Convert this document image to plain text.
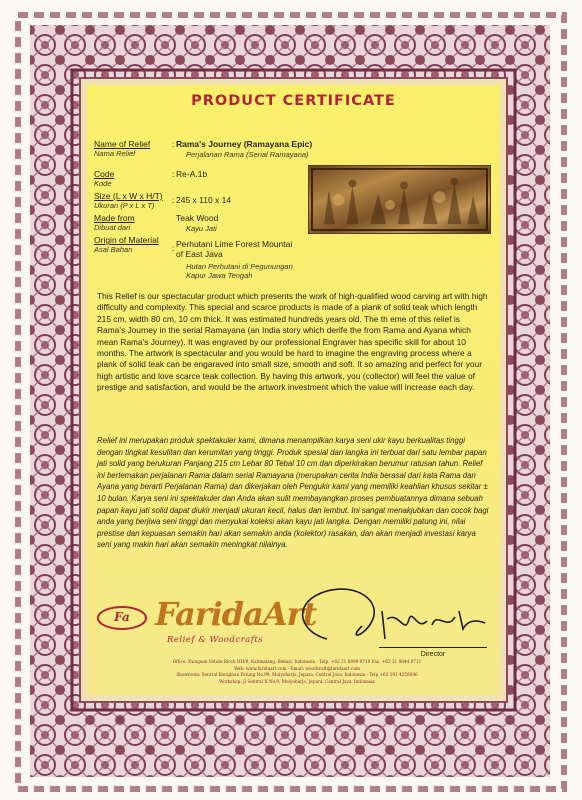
PRODUCT CERTIFICATE
Name of Relief
Nama Relief
: Rama's Journey (Ramayana Epic)
Perjalanan Rama (Serial Ramayana)
Code
Kode
: Re-A.1b
Size (L x W x H/T)
Ukuran (P x L x T)
: 245 x 110 x 14
Made from
Dibuat dari
Teak Wood
Kayu Jati
Origin of Material
Asal Bahan	: Perhutani Lime Forest Mountai of East Java
Hutan Perhutani di Pegunungan Kapur Jawa Tengah

This Relief is our spectacular product which presents the work of high-qualified wood carving art with high difficulty and complexity. This special and scarce products is made of a piank of solid teak which length 215 cm, width 80 cm, 10 cm thick. It was estimated hundreds years old. The th eme of this relief is Rama's Journey in the serial Ramayana (an India story which derife the from Rama and Ayana which mean Rama's Journey). It was engraved by our professional Engraver has specific skill for about 10 months. The artwork is spectacular and you would be hard to imagine the engraving process where a plank of solid teak can be engaraved into small size, smooth and soft. It so amazing and perfect for your high artistic and love scarce teak collection. By having this artwork, you (collector) will feel the value of prestige and satisfaction, and would be the artwork investment which the value will increase each day.

Relief ini merupakan produk spektakuler kami, dimana menampilkan karya seni ukir kayu berkualitas tinggi dengan tingkat kesulitan dan kerumitan yang tinggi. Produk spesial dan langka ini terbuat dari satu lembar papan jati solid yang berukuran Panjang 215 cm Lebar 80 Tebal 10 cm dan diperkirakan berumur ratusan tahun. Relief ini bertemakan perjalanan Rama dalam serial Ramayana (merupakan cerita India berasal dari kata Rama dan Ayana yang berarti Perjalanan Rama) dan dikerjakan oleh Pengukir kami yang memiliki keahlian khusus sekitar ± 10 bulan. Karya seni ini spektakuler dan Anda akan sulit membayangkan proses pembuatannya dimana sebuah papan kayu jati solid dapat diukir menjadi ukuran kecil, halus dan lembut. Ini sangat menakjubkan dan cocok bagi anda yang berjiwa seni tinggi dan menyukai koleksi akan kayu jati langka. Dengan memiliki patung ini, nilai prestise dan kepuasan semakin hari akan semakin anda (kolektor) rasakan, dan akan menjadi investasi karya seni yang makin hari akan semakin meningkat nilainya.

Fa FaridaArt
Relief & Woodcrafts
Director
Office: Kwagean Estate Block HH/8, Kalimalang, Bekasi, Indonesia - Telp. +62 21 8899 0710 Fax. +62 21 8844 0711
Web: www.faridaart.com - Email: woodcraft@faridaart.com
Showroom: Sentral Kerajinan Patung No.99, Mulyoharjo, Jepara, Central Java, Indonesia - Telp.+62 291 4259696
Workshop: Jl Sentral II No.9, Mulyoharjo, Jepara, Central Java, Indonesia
